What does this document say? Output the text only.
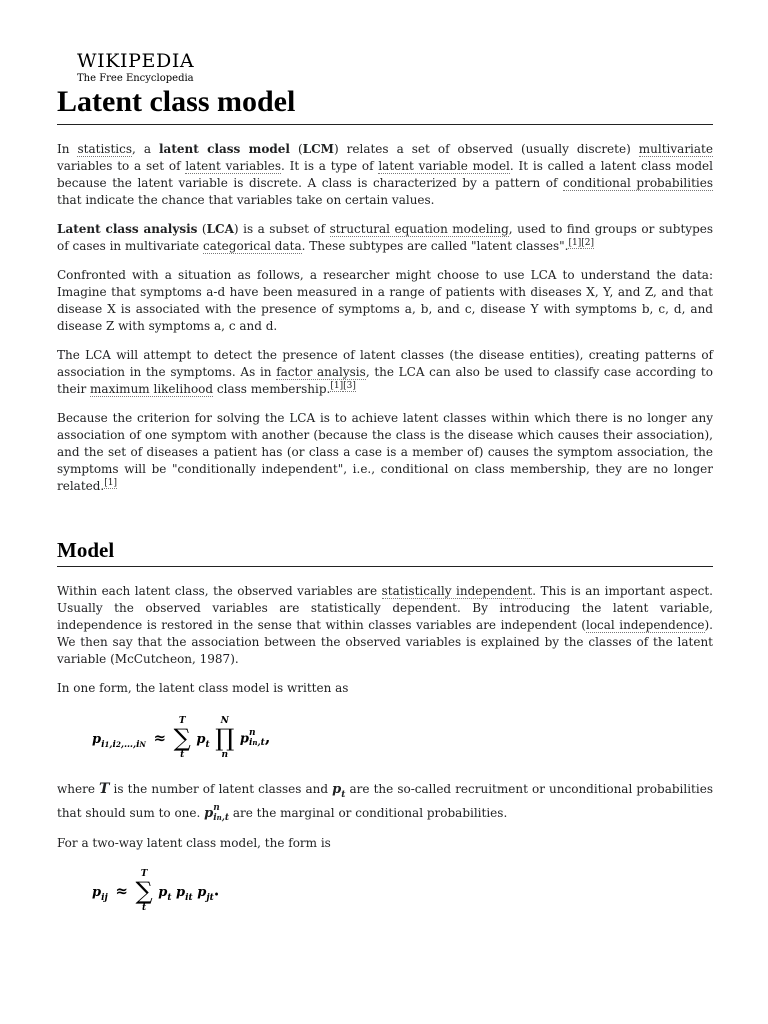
WIKIPEDIA
The Free Encyclopedia
Latent class model

In statistics, a latent class model (LCM) relates a set of observed (usually discrete) multivariate variables to a set of latent variables. It is a type of latent variable model. It is called a latent class model because the latent variable is discrete. A class is characterized by a pattern of conditional probabilities that indicate the chance that variables take on certain values.

Latent class analysis (LCA) is a subset of structural equation modeling, used to find groups or subtypes of cases in multivariate categorical data. These subtypes are called "latent classes".[1][2]

Confronted with a situation as follows, a researcher might choose to use LCA to understand the data: Imagine that symptoms a-d have been measured in a range of patients with diseases X, Y, and Z, and that disease X is associated with the presence of symptoms a, b, and c, disease Y with symptoms b, c, d, and disease Z with symptoms a, c and d.

The LCA will attempt to detect the presence of latent classes (the disease entities), creating patterns of association in the symptoms. As in factor analysis, the LCA can also be used to classify case according to their maximum likelihood class membership.[1][3]

Because the criterion for solving the LCA is to achieve latent classes within which there is no longer any association of one symptom with another (because the class is the disease which causes their association), and the set of diseases a patient has (or class a case is a member of) causes the symptom association, the symptoms will be "conditionally independent", i.e., conditional on class membership, they are no longer related.[1]

Model

Within each latent class, the observed variables are statistically independent. This is an important aspect. Usually the observed variables are statistically dependent. By introducing the latent variable, independence is restored in the sense that within classes variables are independent (local independence). We then say that the association between the observed variables is explained by the classes of the latent variable (McCutcheon, 1987).

In one form, the latent class model is written as

$p_{i1,i2,\dots,iN}$ ≈
T
∑
t
$p_t$
N
∏
n
p n
in,t ,

where T is the number of latent classes and $p_t$ are the so-called recruitment or unconditional probabilities that should sum to one. p n
in,t are the marginal or conditional probabilities.

For a two-way latent class model, the form is

$p_{ij}$ ≈
T
∑
t
$p_t$ $p_{it}$ $p_{jt}$.
